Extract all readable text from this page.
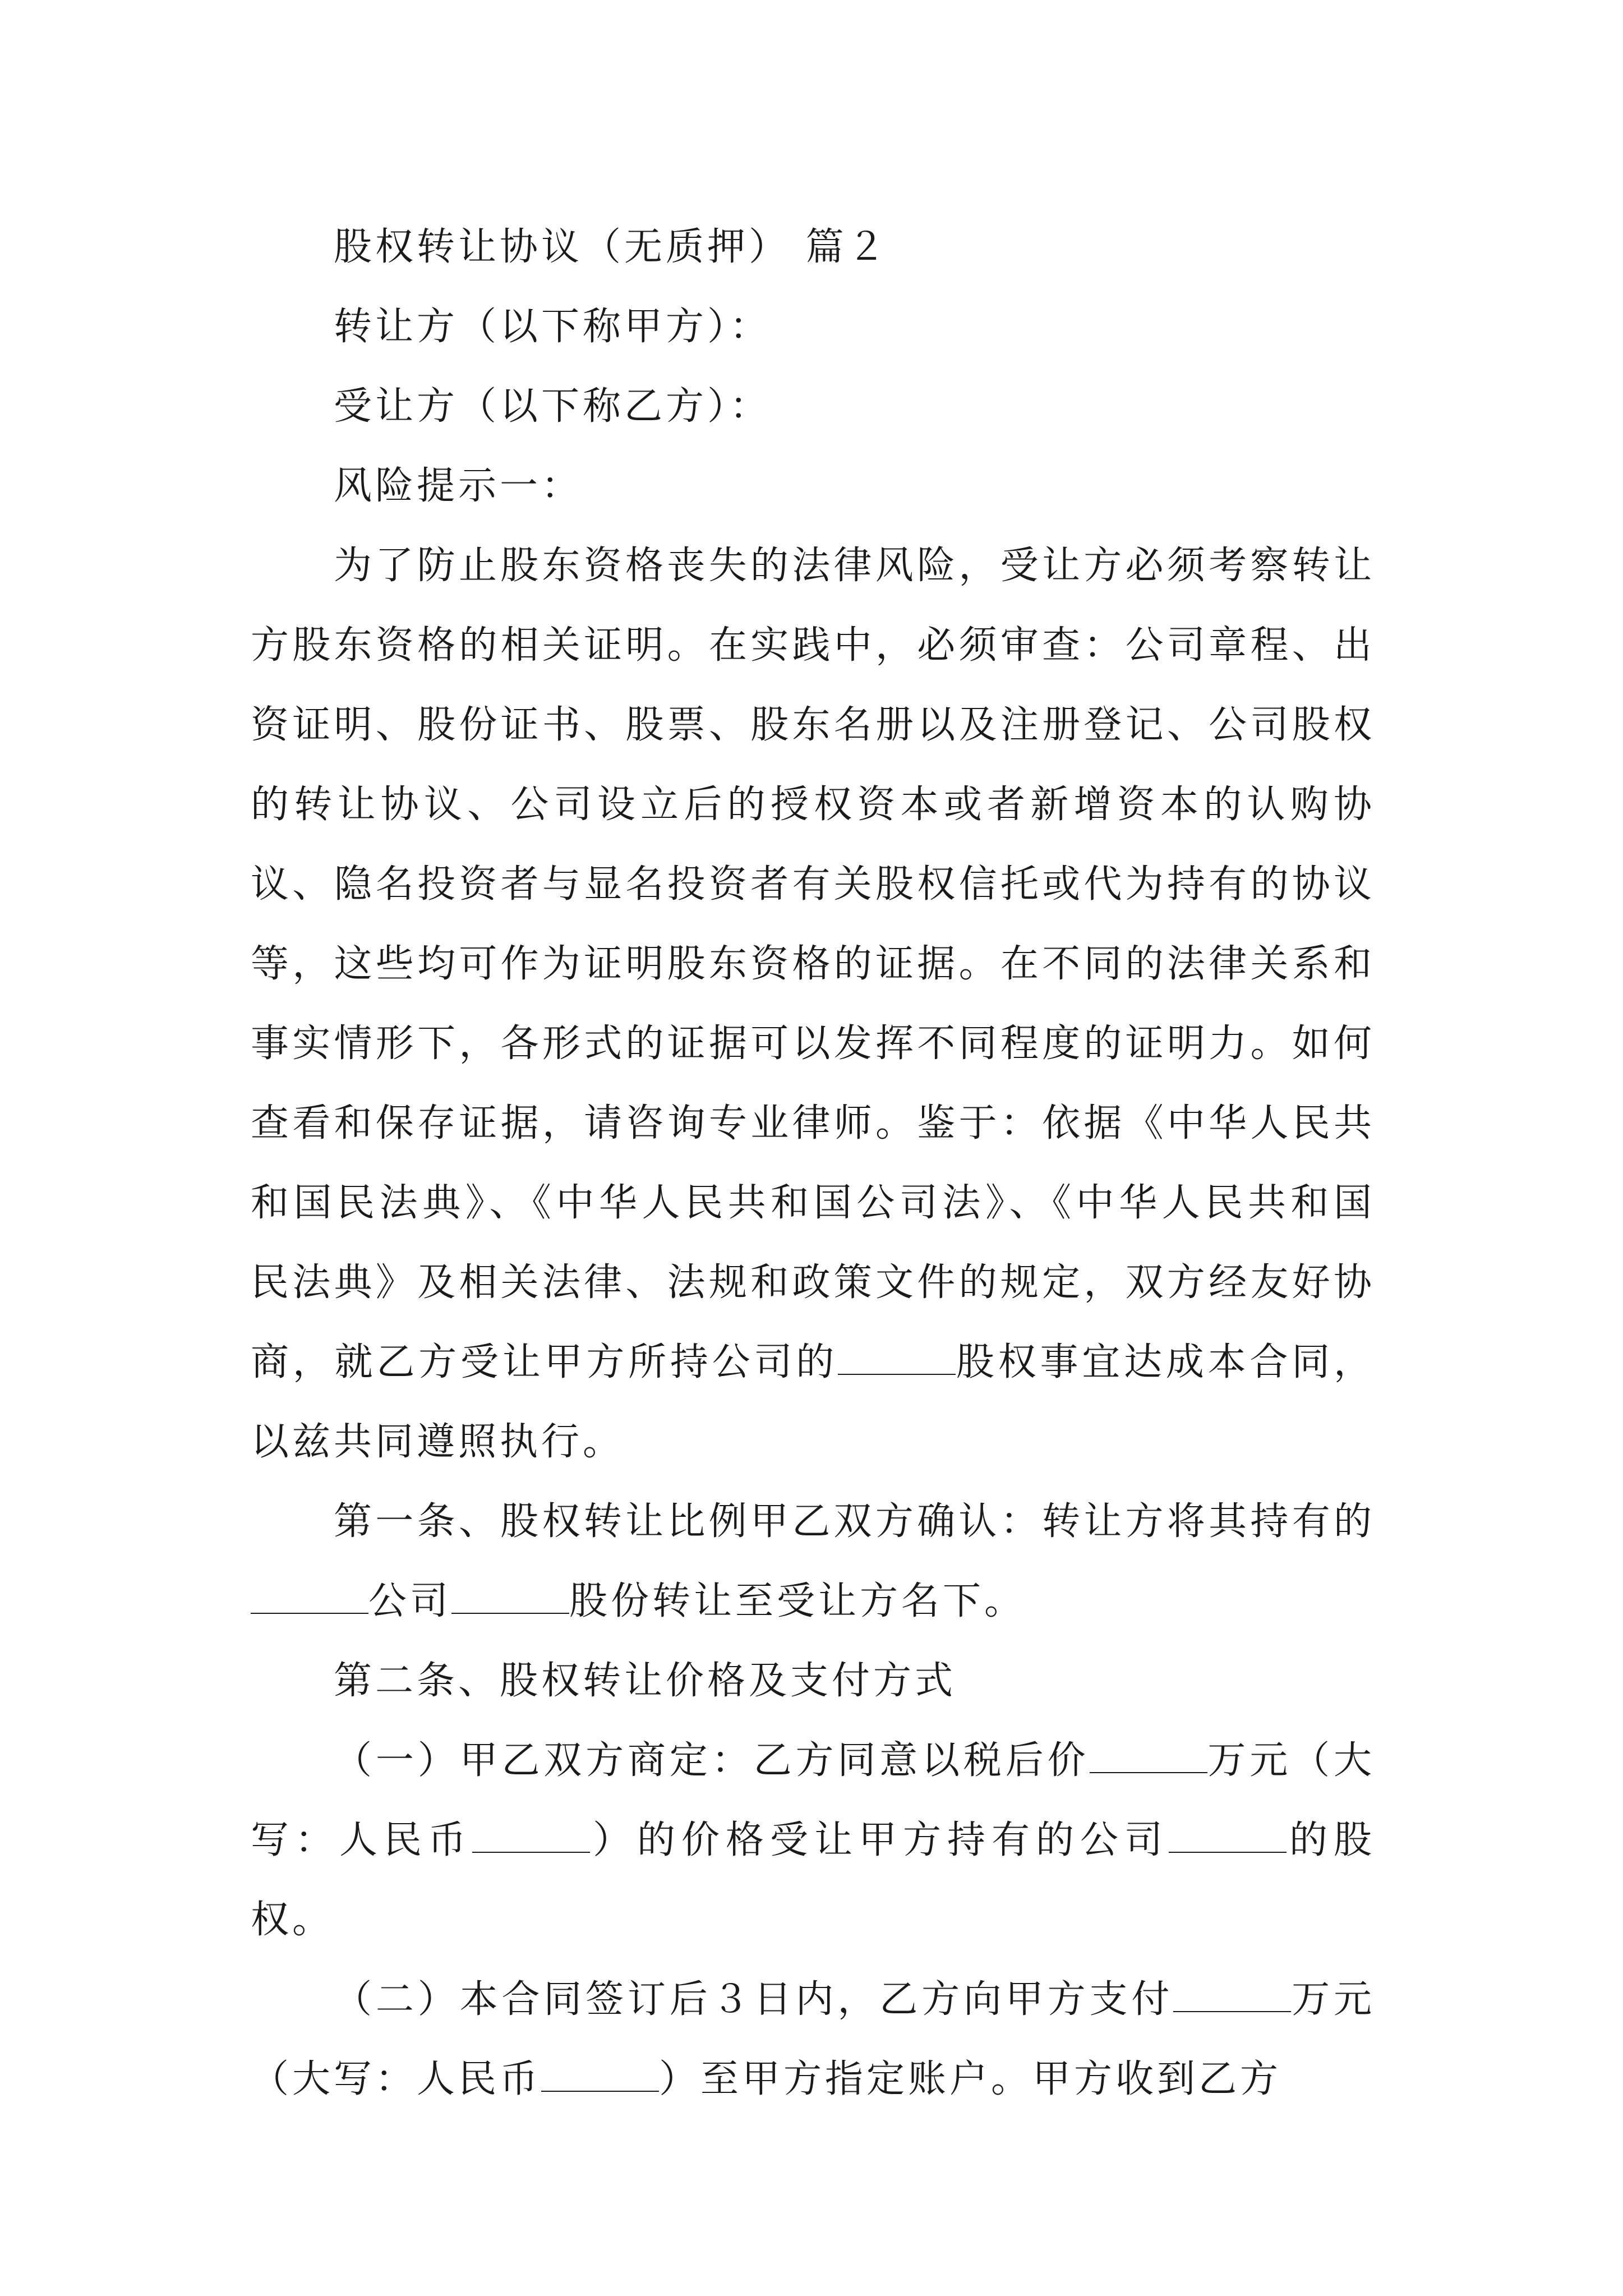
股权转让协议（无质押） 篇２

转让方（以下称甲方）：

受让方（以下称乙方）：

风险提示一：

为了防止股东资格丧失的法律风险，受让方必须考察转让方股东资格的相关证明。在实践中，必须审查：公司章程、出资证明、股份证书、股票、股东名册以及注册登记、公司股权的转让协议、公司设立后的授权资本或者新增资本的认购协议、隐名投资者与显名投资者有关股权信托或代为持有的协议等，这些均可作为证明股东资格的证据。在不同的法律关系和事实情形下，各形式的证据可以发挥不同程度的证明力。如何查看和保存证据，请咨询专业律师。鉴于：依据《中华人民共和国民法典》、《中华人民共和国公司法》、《中华人民共和国民法典》及相关法律、法规和政策文件的规定，双方经友好协商，就乙方受让甲方所持公司的	股权事宜达成本合同，以兹共同遵照执行。

第一条、股权转让比例甲乙双方确认：转让方将其持有的公司	股份转让至受让方名下。

第二条、股权转让价格及支付方式

（一）甲乙双方商定：乙方同意以税后价	万元（大写：人民币	）的价格受让甲方持有的公司	的股权。

（二）本合同签订后３日内，乙方向甲方支付	万元（大写：人民币	）至甲方指定账户。甲方收到乙方
